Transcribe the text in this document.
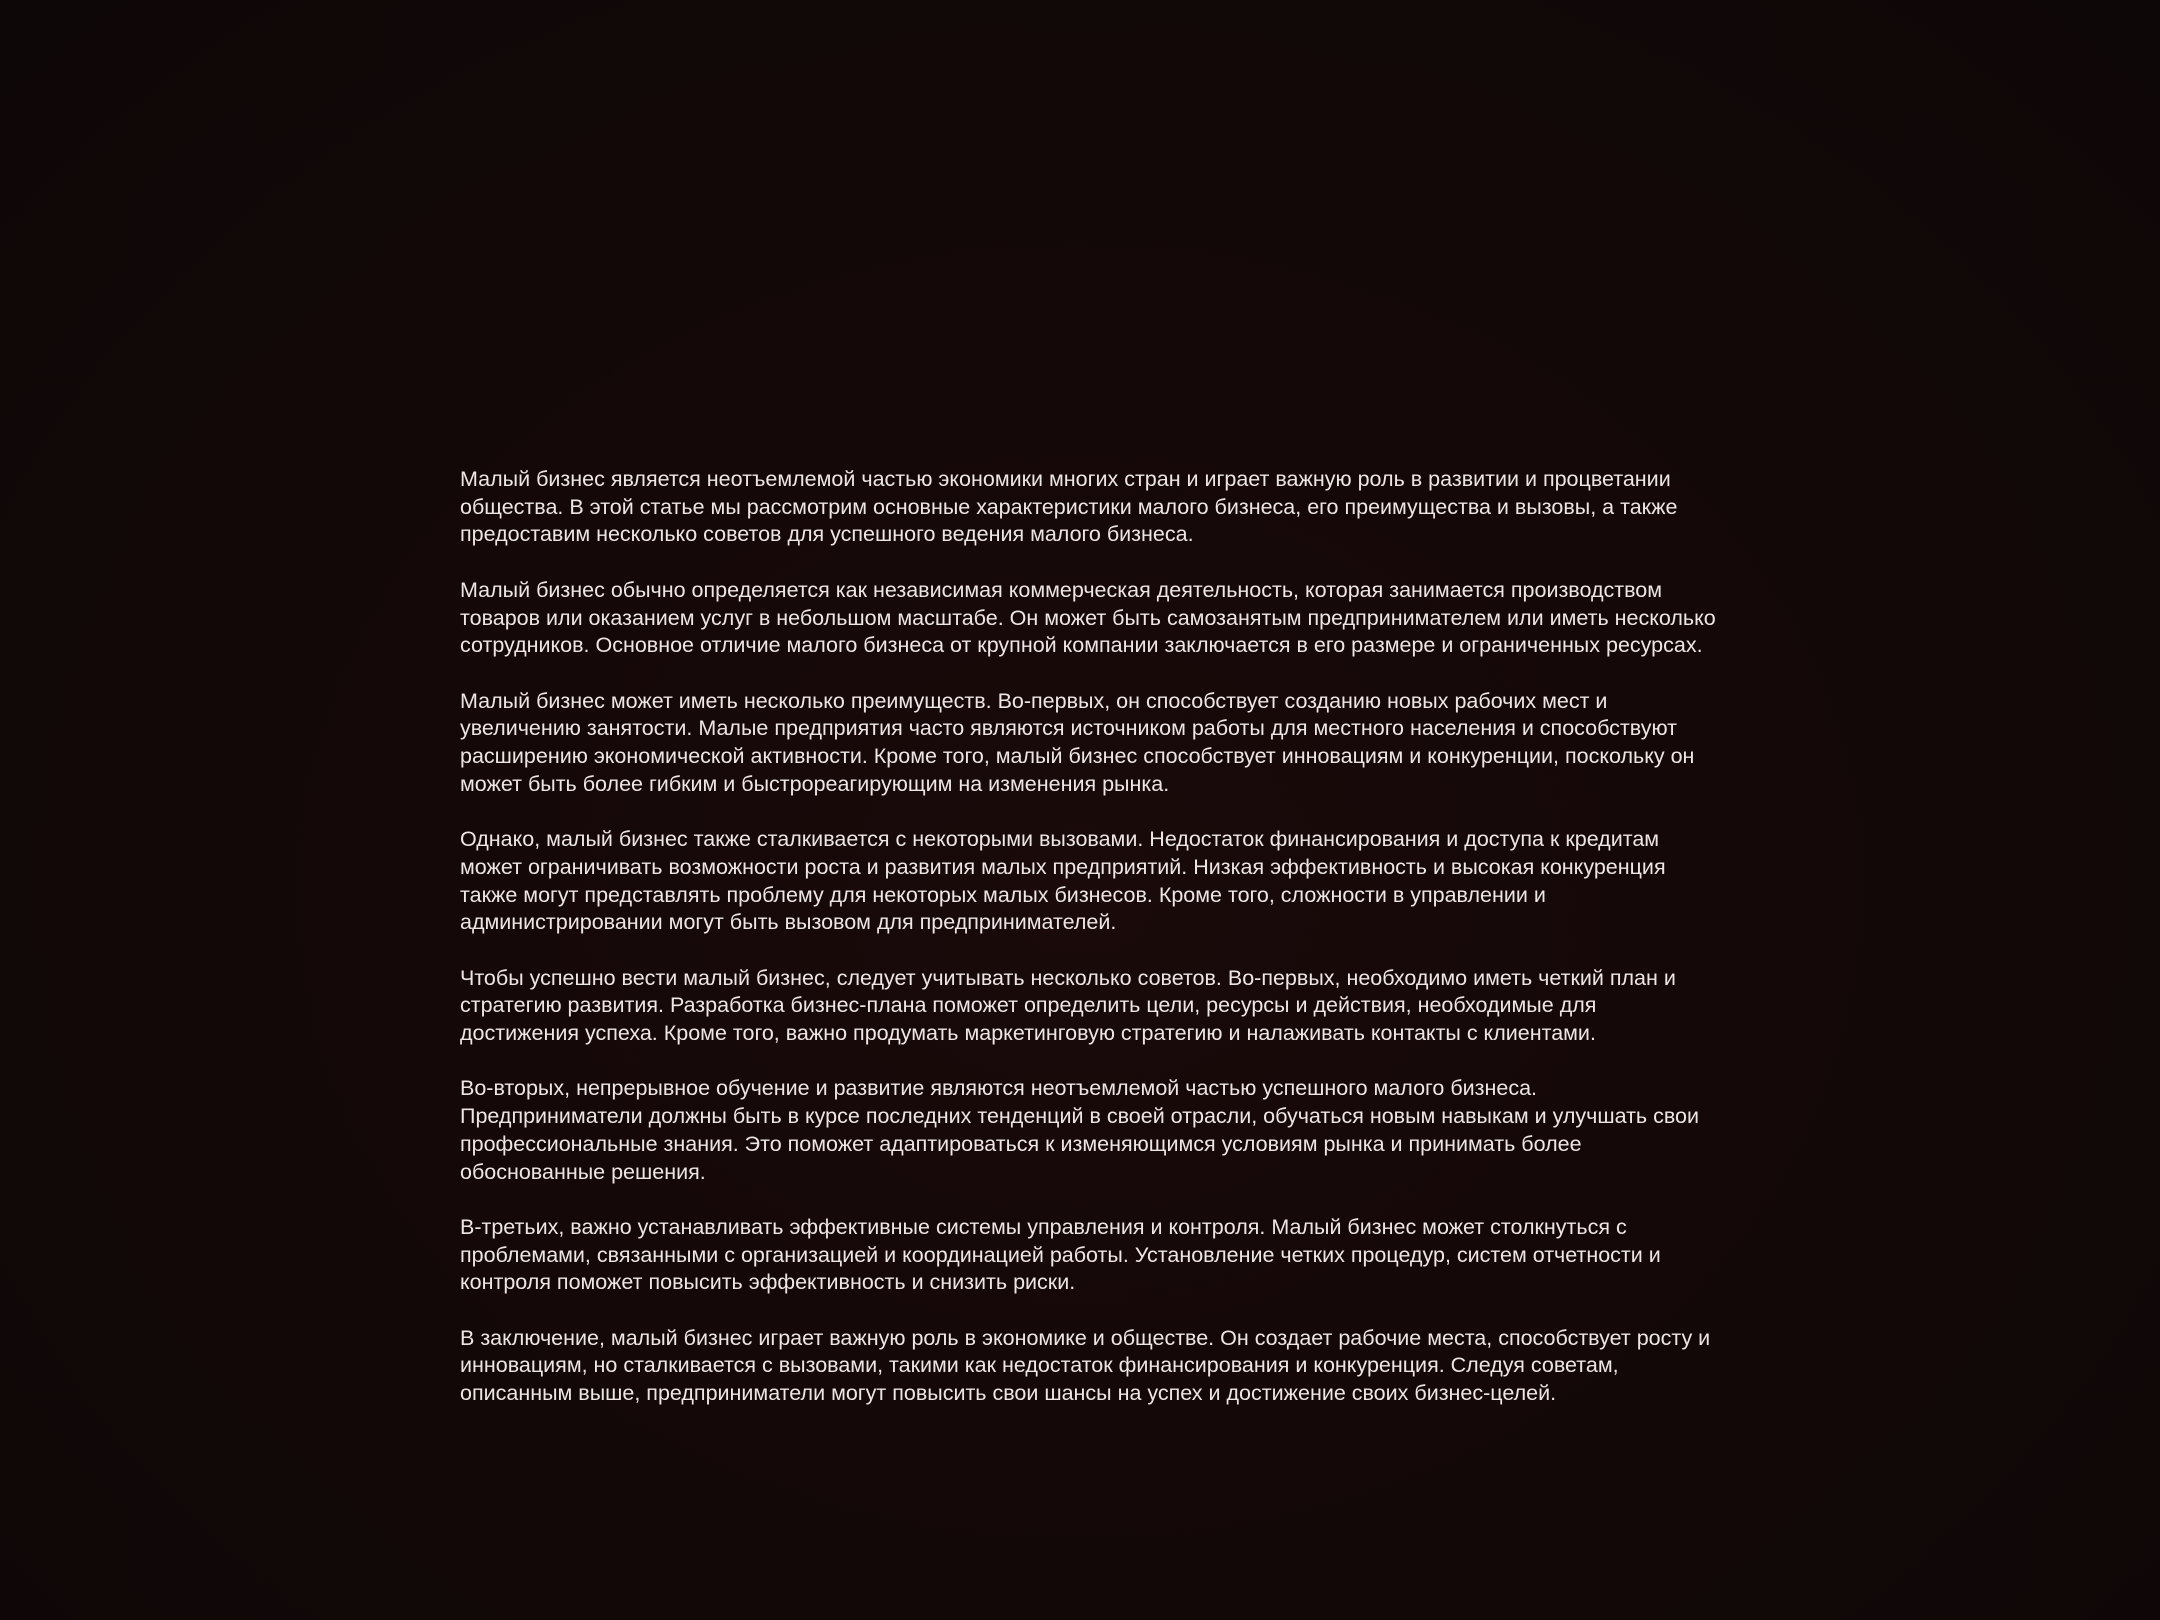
Малый бизнес является неотъемлемой частью экономики многих стран и играет важную роль в развитии и процветании
общества. В этой статье мы рассмотрим основные характеристики малого бизнеса, его преимущества и вызовы, а также
предоставим несколько советов для успешного ведения малого бизнеса.

Малый бизнес обычно определяется как независимая коммерческая деятельность, которая занимается производством
товаров или оказанием услуг в небольшом масштабе. Он может быть самозанятым предпринимателем или иметь несколько
сотрудников. Основное отличие малого бизнеса от крупной компании заключается в его размере и ограниченных ресурсах.

Малый бизнес может иметь несколько преимуществ. Во-первых, он способствует созданию новых рабочих мест и
увеличению занятости. Малые предприятия часто являются источником работы для местного населения и способствуют
расширению экономической активности. Кроме того, малый бизнес способствует инновациям и конкуренции, поскольку он
может быть более гибким и быстрореагирующим на изменения рынка.

Однако, малый бизнес также сталкивается с некоторыми вызовами. Недостаток финансирования и доступа к кредитам
может ограничивать возможности роста и развития малых предприятий. Низкая эффективность и высокая конкуренция
также могут представлять проблему для некоторых малых бизнесов. Кроме того, сложности в управлении и
администрировании могут быть вызовом для предпринимателей.

Чтобы успешно вести малый бизнес, следует учитывать несколько советов. Во-первых, необходимо иметь четкий план и
стратегию развития. Разработка бизнес-плана поможет определить цели, ресурсы и действия, необходимые для
достижения успеха. Кроме того, важно продумать маркетинговую стратегию и налаживать контакты с клиентами.

Во-вторых, непрерывное обучение и развитие являются неотъемлемой частью успешного малого бизнеса.
Предприниматели должны быть в курсе последних тенденций в своей отрасли, обучаться новым навыкам и улучшать свои
профессиональные знания. Это поможет адаптироваться к изменяющимся условиям рынка и принимать более
обоснованные решения.

В-третьих, важно устанавливать эффективные системы управления и контроля. Малый бизнес может столкнуться с
проблемами, связанными с организацией и координацией работы. Установление четких процедур, систем отчетности и
контроля поможет повысить эффективность и снизить риски.

В заключение, малый бизнес играет важную роль в экономике и обществе. Он создает рабочие места, способствует росту и
инновациям, но сталкивается с вызовами, такими как недостаток финансирования и конкуренция. Следуя советам,
описанным выше, предприниматели могут повысить свои шансы на успех и достижение своих бизнес-целей.
